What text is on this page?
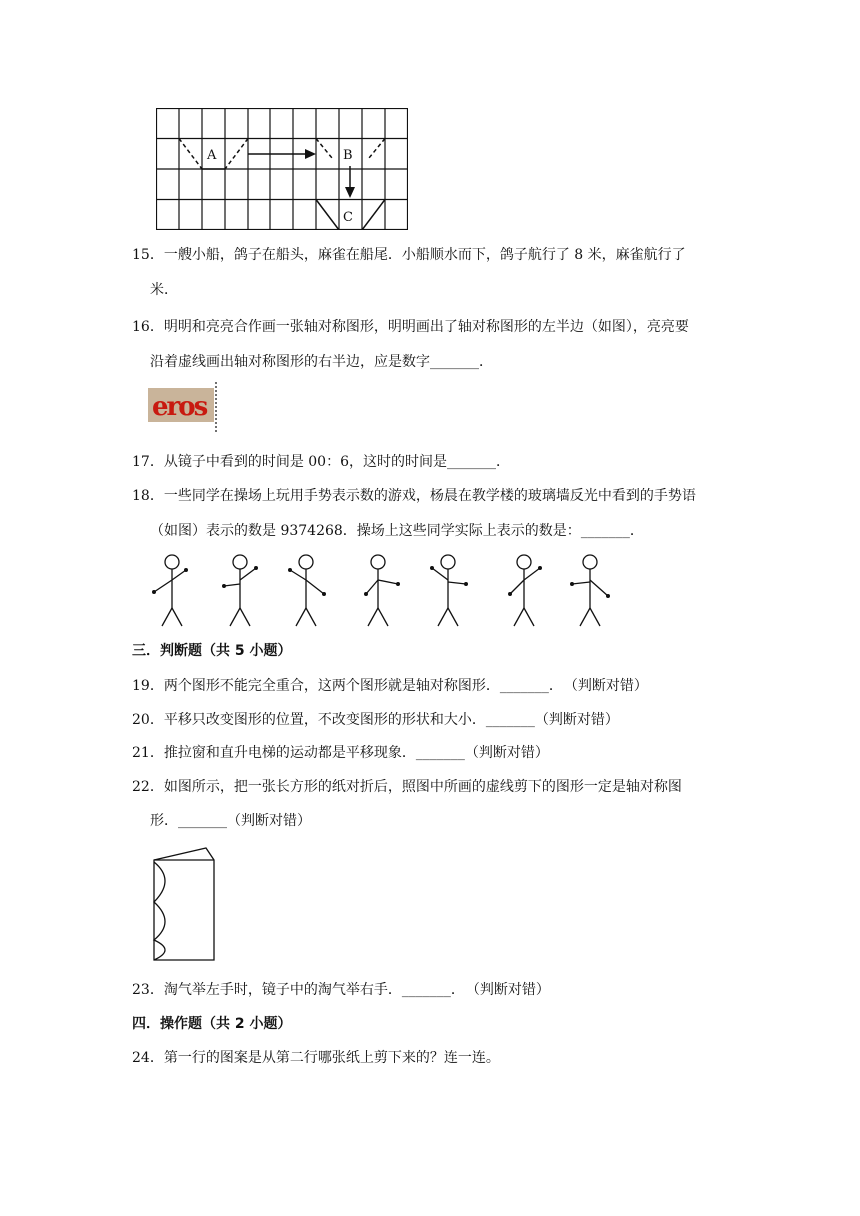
A	B
C
15．一艘小船，鸽子在船头，麻雀在船尾．小船顺水而下，鸽子航行了 8 米，麻雀航行了
米．
16．明明和亮亮合作画一张轴对称图形，明明画出了轴对称图形的左半边（如图），亮亮要
沿着虚线画出轴对称图形的右半边，应是数字_______．
eros
17．从镜子中看到的时间是 00：6，这时的时间是_______．
18．一些同学在操场上玩用手势表示数的游戏，杨晨在教学楼的玻璃墙反光中看到的手势语
（如图）表示的数是 9374268．操场上这些同学实际上表示的数是：_______．
三．判断题（共 5 小题）
19．两个图形不能完全重合，这两个图形就是轴对称图形．_______． （判断对错）
20．平移只改变图形的位置，不改变图形的形状和大小．_______（判断对错）
21．推拉窗和直升电梯的运动都是平移现象．_______（判断对错）
22．如图所示，把一张长方形的纸对折后，照图中所画的虚线剪下的图形一定是轴对称图
形．_______（判断对错）
23．淘气举左手时，镜子中的淘气举右手．_______． （判断对错）
四．操作题（共 2 小题）
24．第一行的图案是从第二行哪张纸上剪下来的？连一连。
